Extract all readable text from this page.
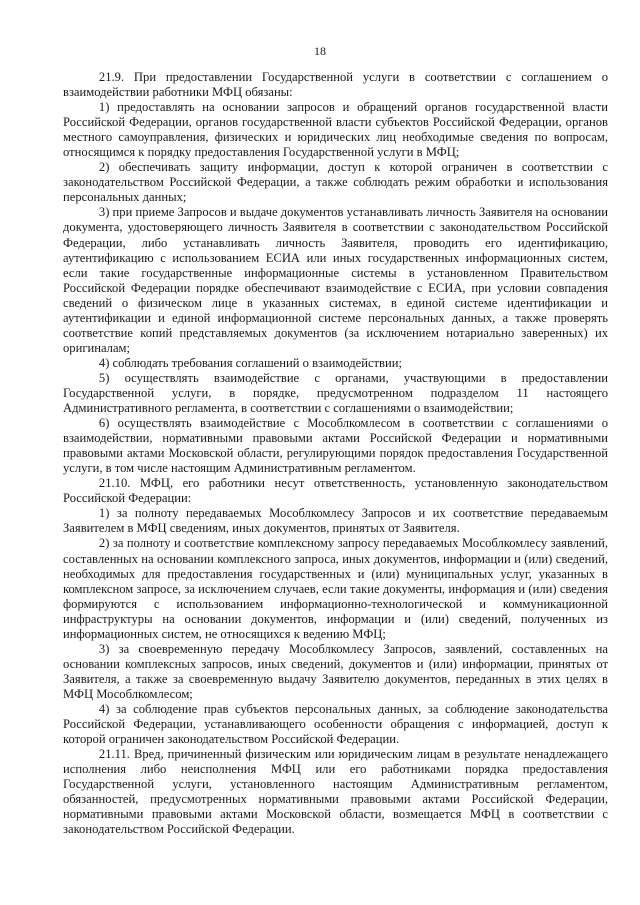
18

21.9. При предоставлении Государственной услуги в соответствии с соглашением о взаимодействии работники МФЦ обязаны:

1) предоставлять на основании запросов и обращений органов государственной власти Российской Федерации, органов государственной власти субъектов Российской Федерации, органов местного самоуправления, физических и юридических лиц необходимые сведения по вопросам, относящимся к порядку предоставления Государственной услуги в МФЦ;

2) обеспечивать защиту информации, доступ к которой ограничен в соответствии с законодательством Российской Федерации, а также соблюдать режим обработки и использования персональных данных;

3) при приеме Запросов и выдаче документов устанавливать личность Заявителя на основании документа, удостоверяющего личность Заявителя в соответствии с законодательством Российской Федерации, либо устанавливать личность Заявителя, проводить его идентификацию, аутентификацию с использованием ЕСИА или иных государственных информационных систем, если такие государственные информационные системы в установленном Правительством Российской Федерации порядке обеспечивают взаимодействие с ЕСИА, при условии совпадения сведений о физическом лице в указанных системах, в единой системе идентификации и аутентификации и единой информационной системе персональных данных, а также проверять соответствие копий представляемых документов (за исключением нотариально заверенных) их оригиналам;

4) соблюдать требования соглашений о взаимодействии;

5) осуществлять взаимодействие с органами, участвующими в предоставлении Государственной услуги, в порядке, предусмотренном подразделом 11 настоящего Административного регламента, в соответствии с соглашениями о взаимодействии;

6) осуществлять взаимодействие с Мособлкомлесом в соответствии с соглашениями о взаимодействии, нормативными правовыми актами Российской Федерации и нормативными правовыми актами Московской области, регулирующими порядок предоставления Государственной услуги, в том числе настоящим Административным регламентом.

21.10. МФЦ, его работники несут ответственность, установленную законодательством Российской Федерации:

1) за полноту передаваемых Мособлкомлесу Запросов и их соответствие передаваемым Заявителем в МФЦ сведениям, иных документов, принятых от Заявителя.

2) за полноту и соответствие комплексному запросу передаваемых Мособлкомлесу заявлений, составленных на основании комплексного запроса, иных документов, информации и (или) сведений, необходимых для предоставления государственных и (или) муниципальных услуг, указанных в комплексном запросе, за исключением случаев, если такие документы, информация и (или) сведения формируются с использованием информационно-технологической и коммуникационной инфраструктуры на основании документов, информации и (или) сведений, полученных из информационных систем, не относящихся к ведению МФЦ;

3) за своевременную передачу Мособлкомлесу Запросов, заявлений, составленных на основании комплексных запросов, иных сведений, документов и (или) информации, принятых от Заявителя, а также за своевременную выдачу Заявителю документов, переданных в этих целях в МФЦ Мособлкомлесом;

4) за соблюдение прав субъектов персональных данных, за соблюдение законодательства Российской Федерации, устанавливающего особенности обращения с информацией, доступ к которой ограничен законодательством Российской Федерации.

21.11. Вред, причиненный физическим или юридическим лицам в результате ненадлежащего исполнения либо неисполнения МФЦ или его работниками порядка предоставления Государственной услуги, установленного настоящим Административным регламентом, обязанностей, предусмотренных нормативными правовыми актами Российской Федерации, нормативными правовыми актами Московской области, возмещается МФЦ в соответствии с законодательством Российской Федерации.
